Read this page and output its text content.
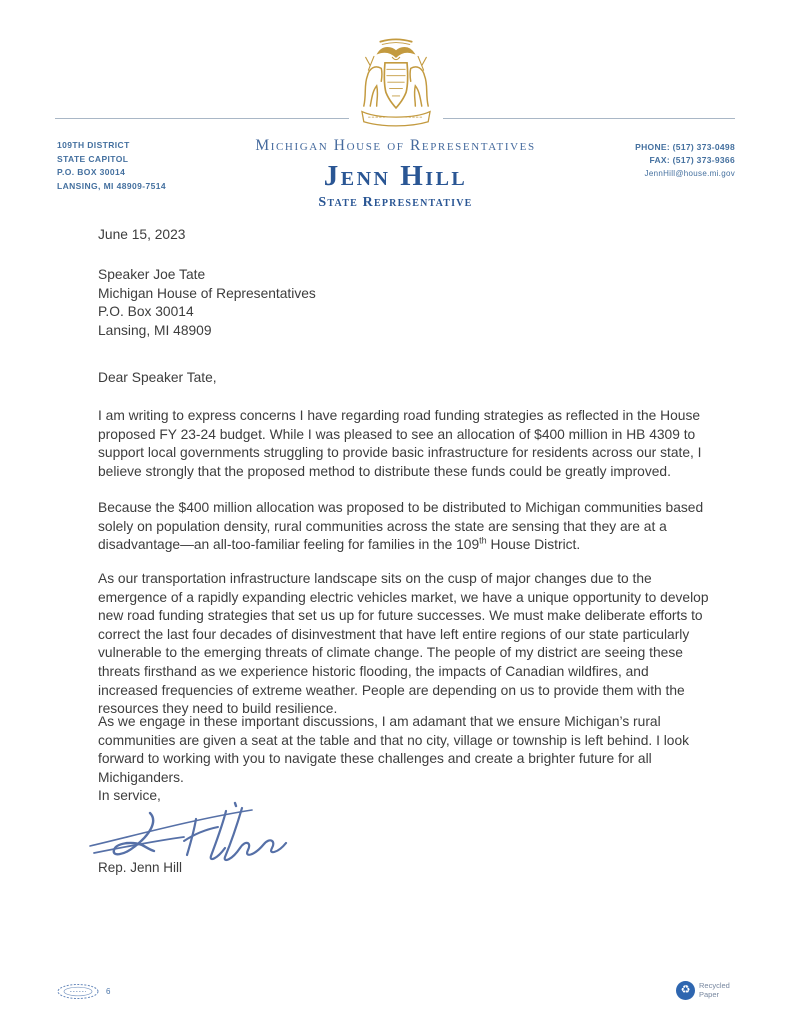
109TH DISTRICT
STATE CAPITOL
P.O. BOX 30014
LANSING, MI 48909-7514
Michigan House of Representatives
Jenn Hill
State Representative
PHONE: (517) 373-0498
FAX: (517) 373-9366
JennHill@house.mi.gov
June 15, 2023
Speaker Joe Tate
Michigan House of Representatives
P.O. Box 30014
Lansing, MI 48909
Dear Speaker Tate,
I am writing to express concerns I have regarding road funding strategies as reflected in the House proposed FY 23-24 budget. While I was pleased to see an allocation of $400 million in HB 4309 to support local governments struggling to provide basic infrastructure for residents across our state, I believe strongly that the proposed method to distribute these funds could be greatly improved.
Because the $400 million allocation was proposed to be distributed to Michigan communities based solely on population density, rural communities across the state are sensing that they are at a disadvantage—an all-too-familiar feeling for families in the 109th House District.
As our transportation infrastructure landscape sits on the cusp of major changes due to the emergence of a rapidly expanding electric vehicles market, we have a unique opportunity to develop new road funding strategies that set us up for future successes. We must make deliberate efforts to correct the last four decades of disinvestment that have left entire regions of our state particularly vulnerable to the emerging threats of climate change. The people of my district are seeing these threats firsthand as we experience historic flooding, the impacts of Canadian wildfires, and increased frequencies of extreme weather. People are depending on us to provide them with the resources they need to build resilience.
As we engage in these important discussions, I am adamant that we ensure Michigan’s rural communities are given a seat at the table and that no city, village or township is left behind. I look forward to working with you to navigate these challenges and create a brighter future for all Michiganders.
In service,
Rep. Jenn Hill
6	♻	Recycled Paper
